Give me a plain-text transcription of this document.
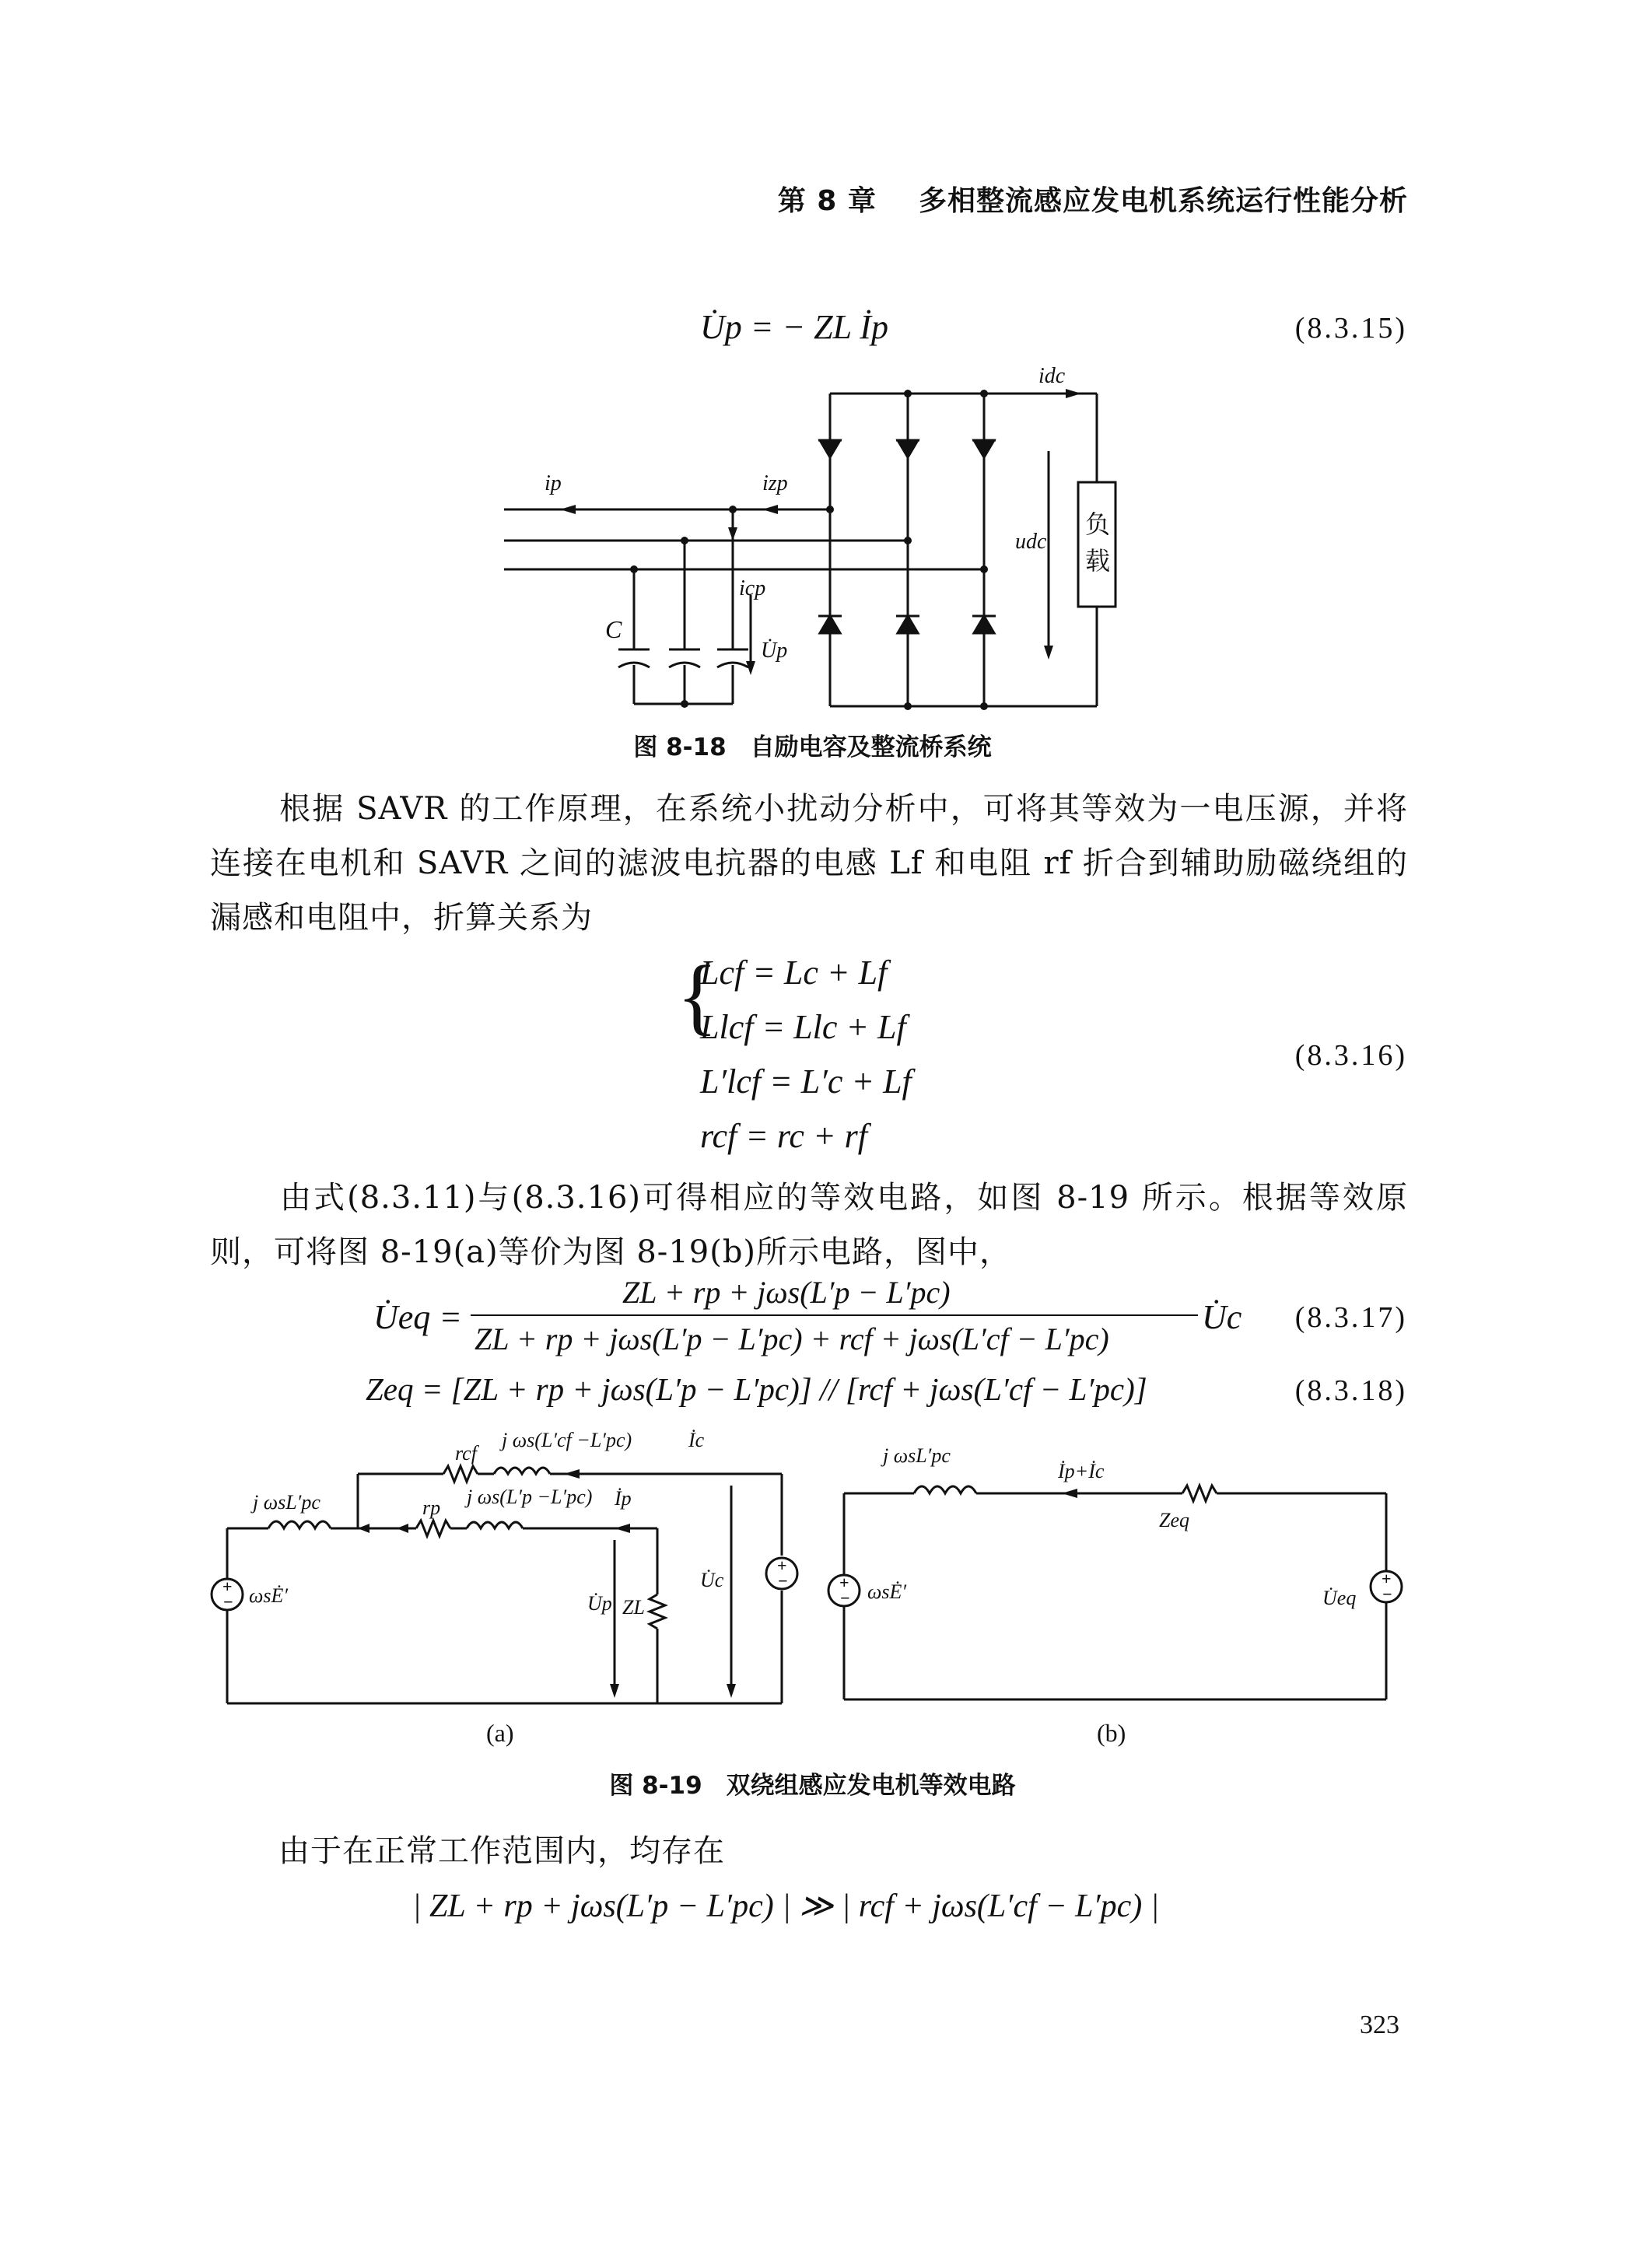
第 8 章 多相整流感应发电机系统运行性能分析
U̇p = − ZL İp	(8.3.15)
idc
ip	izp
icp
C
U̇p
udc
负
载
图 8-18　自励电容及整流桥系统
根据 SAVR 的工作原理，在系统小扰动分析中，可将其等效为一电压源，并将连接在电机和 SAVR 之间的滤波电抗器的电感 Lf 和电阻 rf 折合到辅助励磁绕组的漏感和电阻中，折算关系为
{
Lcf = Lc + Lf
Llcf = Llc + Lf
L′lcf = L′c + Lf
rcf = rc + rf
(8.3.16)
由式(8.3.11)与(8.3.16)可得相应的等效电路，如图 8-19 所示。根据等效原则，可将图 8-19(a)等价为图 8-19(b)所示电路，图中，
U̇eq =
ZL + rp + jωs(L′p − L′pc)
ZL + rp + jωs(L′p − L′pc) + rcf + jωs(L′cf − L′pc)
U̇c (8.3.17)
Zeq = [ZL + rp + jωs(L′p − L′pc)] // [rcf + jωs(L′cf − L′pc)]	(8.3.18)
+
−
+
−
rcf
j ωs(L′cf −L′pc)	İc
j ωsL′pc	rp j ωs(L′p −L′pc) İp
ωsĖ′	U̇p ZL
U̇c	+
−
+
−
j ωsL′pc
İp+İc
Zeq
ωsĖ′	U̇eq
(a)	(b)
图 8-19　双绕组感应发电机等效电路
由于在正常工作范围内，均存在
| ZL + rp + jωs(L′p − L′pc) | ≫ | rcf + jωs(L′cf − L′pc) |
323
